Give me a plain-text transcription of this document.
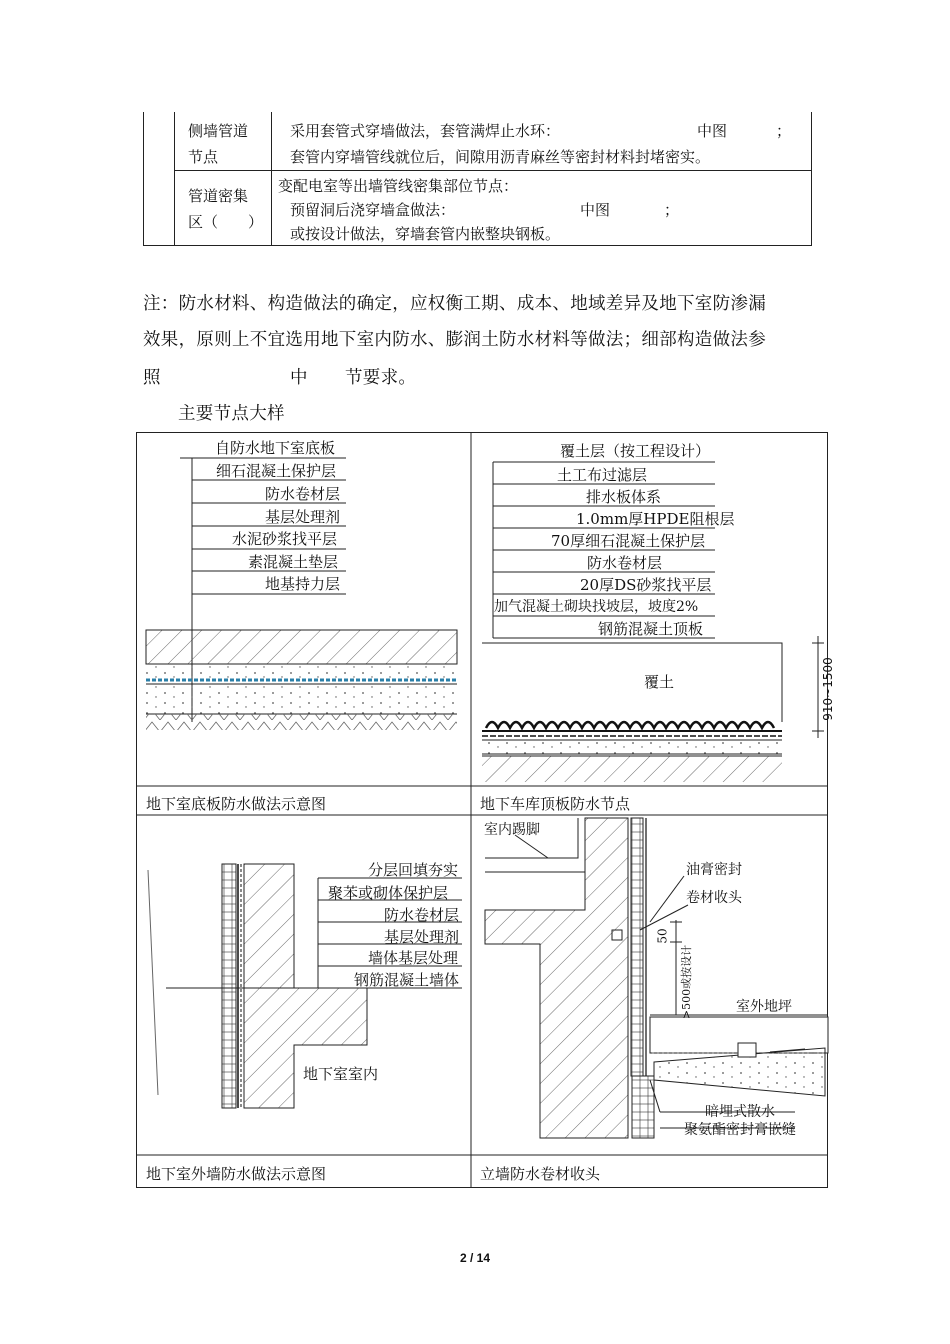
侧墙管道
节点
采用套管式穿墙做法，套管满焊止水环：	中图	；
套管内穿墙管线就位后，间隙用沥青麻丝等密封材料封堵密实。
管道密集
区（　　）
变配电室等出墙管线密集部位节点：
预留洞后浇穿墙盒做法：	中图	；
或按设计做法，穿墙套管内嵌整块钢板。
注：防水材料、构造做法的确定，应权衡工期、成本、地域差异及地下室防渗漏
效果，原则上不宜选用地下室内防水、膨润土防水材料等做法；细部构造做法参
照	中 节要求。
主要节点大样
自防水地下室底板
细石混凝土保护层
防水卷材层
基层处理剂
水泥砂浆找平层
素混凝土垫层
地基持力层
地下室底板防水做法示意图
覆土层（按工程设计）
土工布过滤层
排水板体系
1.0mm厚HPDE阻根层
70厚细石混凝土保护层
防水卷材层
20厚DS砂浆找平层
加气混凝土砌块找坡层，坡度2%
钢筋混凝土顶板
覆土	910~1500
地下车库顶板防水节点
分层回填夯实
聚苯或砌体保护层
防水卷材层
基层处理剂
墙体基层处理
钢筋混凝土墙体
地下室室内
地下室外墙防水做法示意图
室内踢脚
油膏密封
卷材收头
50
>500或按设计	室外地坪
暗埋式散水
聚氨酯密封膏嵌缝
立墙防水卷材收头
2 / 14
